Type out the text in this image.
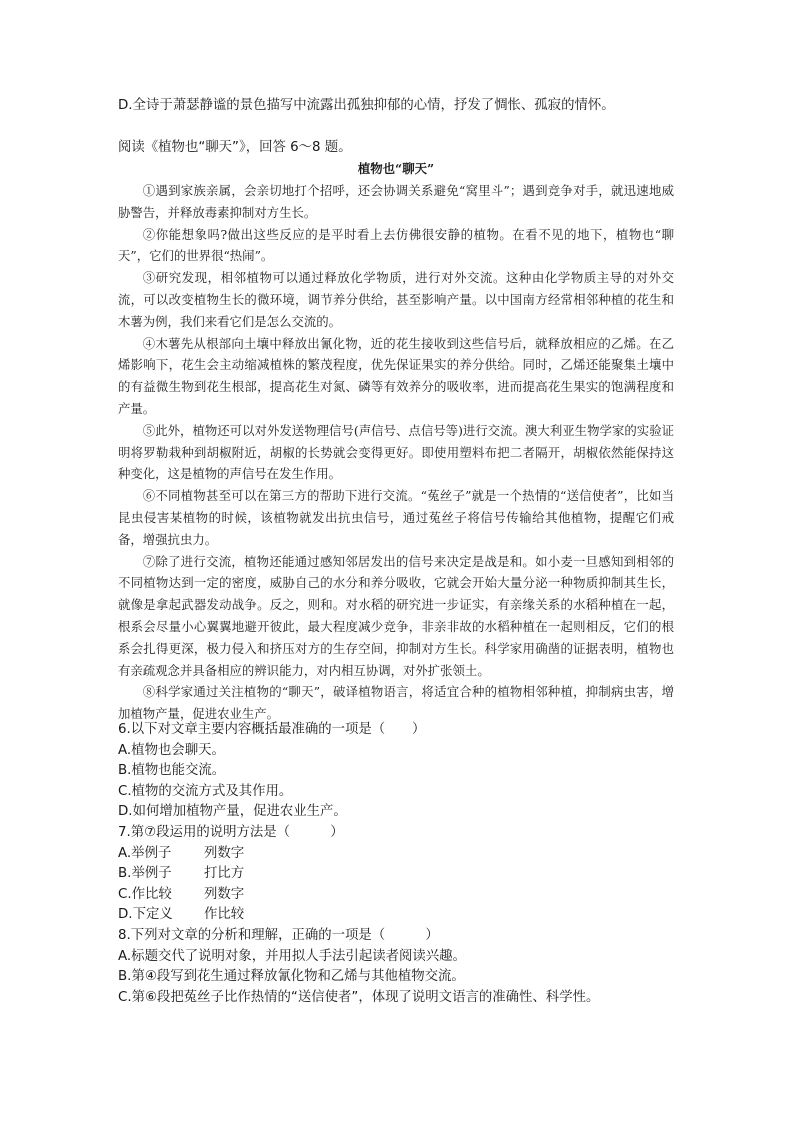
D.全诗于萧瑟静谧的景色描写中流露出孤独抑郁的心情，抒发了惆怅、孤寂的情怀。
阅读《植物也“聊天”》，回答 6～8 题。
植物也“聊天”

①遇到家族亲属，会亲切地打个招呼，还会协调关系避免“窝里斗”；遇到竞争对手，就迅速地威胁警告，并释放毒素抑制对方生长。

②你能想象吗?做出这些反应的是平时看上去仿佛很安静的植物。在看不见的地下，植物也“聊天”，它们的世界很“热闹”。

③研究发现，相邻植物可以通过释放化学物质，进行对外交流。这种由化学物质主导的对外交流，可以改变植物生长的微环境，调节养分供给，甚至影响产量。以中国南方经常相邻种植的花生和木薯为例，我们来看它们是怎么交流的。

④木薯先从根部向土壤中释放出氰化物，近的花生接收到这些信号后，就释放相应的乙烯。在乙烯影响下，花生会主动缩减植株的繁茂程度，优先保证果实的养分供给。同时，乙烯还能聚集土壤中的有益微生物到花生根部，提高花生对氮、磷等有效养分的吸收率，进而提高花生果实的饱满程度和产量。

⑤此外，植物还可以对外发送物理信号(声信号、点信号等)进行交流。澳大利亚生物学家的实验证明将罗勒栽种到胡椒附近，胡椒的长势就会变得更好。即使用塑料布把二者隔开，胡椒依然能保持这种变化，这是植物的声信号在发生作用。

⑥不同植物甚至可以在第三方的帮助下进行交流。“菟丝子”就是一个热情的“送信使者”，比如当昆虫侵害某植物的时候，该植物就发出抗虫信号，通过菟丝子将信号传输给其他植物，提醒它们戒备，增强抗虫力。

⑦除了进行交流，植物还能通过感知邻居发出的信号来决定是战是和。如小麦一旦感知到相邻的不同植物达到一定的密度，威胁自己的水分和养分吸收，它就会开始大量分泌一种物质抑制其生长，就像是拿起武器发动战争。反之，则和。对水稻的研究进一步证实，有亲缘关系的水稻种植在一起，根系会尽量小心翼翼地避开彼此，最大程度减少竞争，非亲非故的水稻种植在一起则相反，它们的根系会扎得更深，极力侵入和挤压对方的生存空间，抑制对方生长。科学家用确凿的证据表明，植物也有亲疏观念并具备相应的辨识能力，对内相互协调，对外扩张领土。

⑧科学家通过关注植物的“聊天”，破译植物语言，将适宜合种的植物相邻种植，抑制病虫害，增加植物产量，促进农业生产。

6.以下对文章主要内容概括最准确的一项是（　　）
A.植物也会聊天。
B.植物也能交流。
C.植物的交流方式及其作用。
D.如何增加植物产量，促进农业生产。
7.第⑦段运用的说明方法是（　　　）
A.举例子 列数字
B.举例子 打比方
C.作比较 列数字
D.下定义 作比较
8.下列对文章的分析和理解，正确的一项是（　　　）
A.标题交代了说明对象，并用拟人手法引起读者阅读兴趣。
B.第④段写到花生通过释放氰化物和乙烯与其他植物交流。
C.第⑥段把菟丝子比作热情的“送信使者”，体现了说明文语言的准确性、科学性。
